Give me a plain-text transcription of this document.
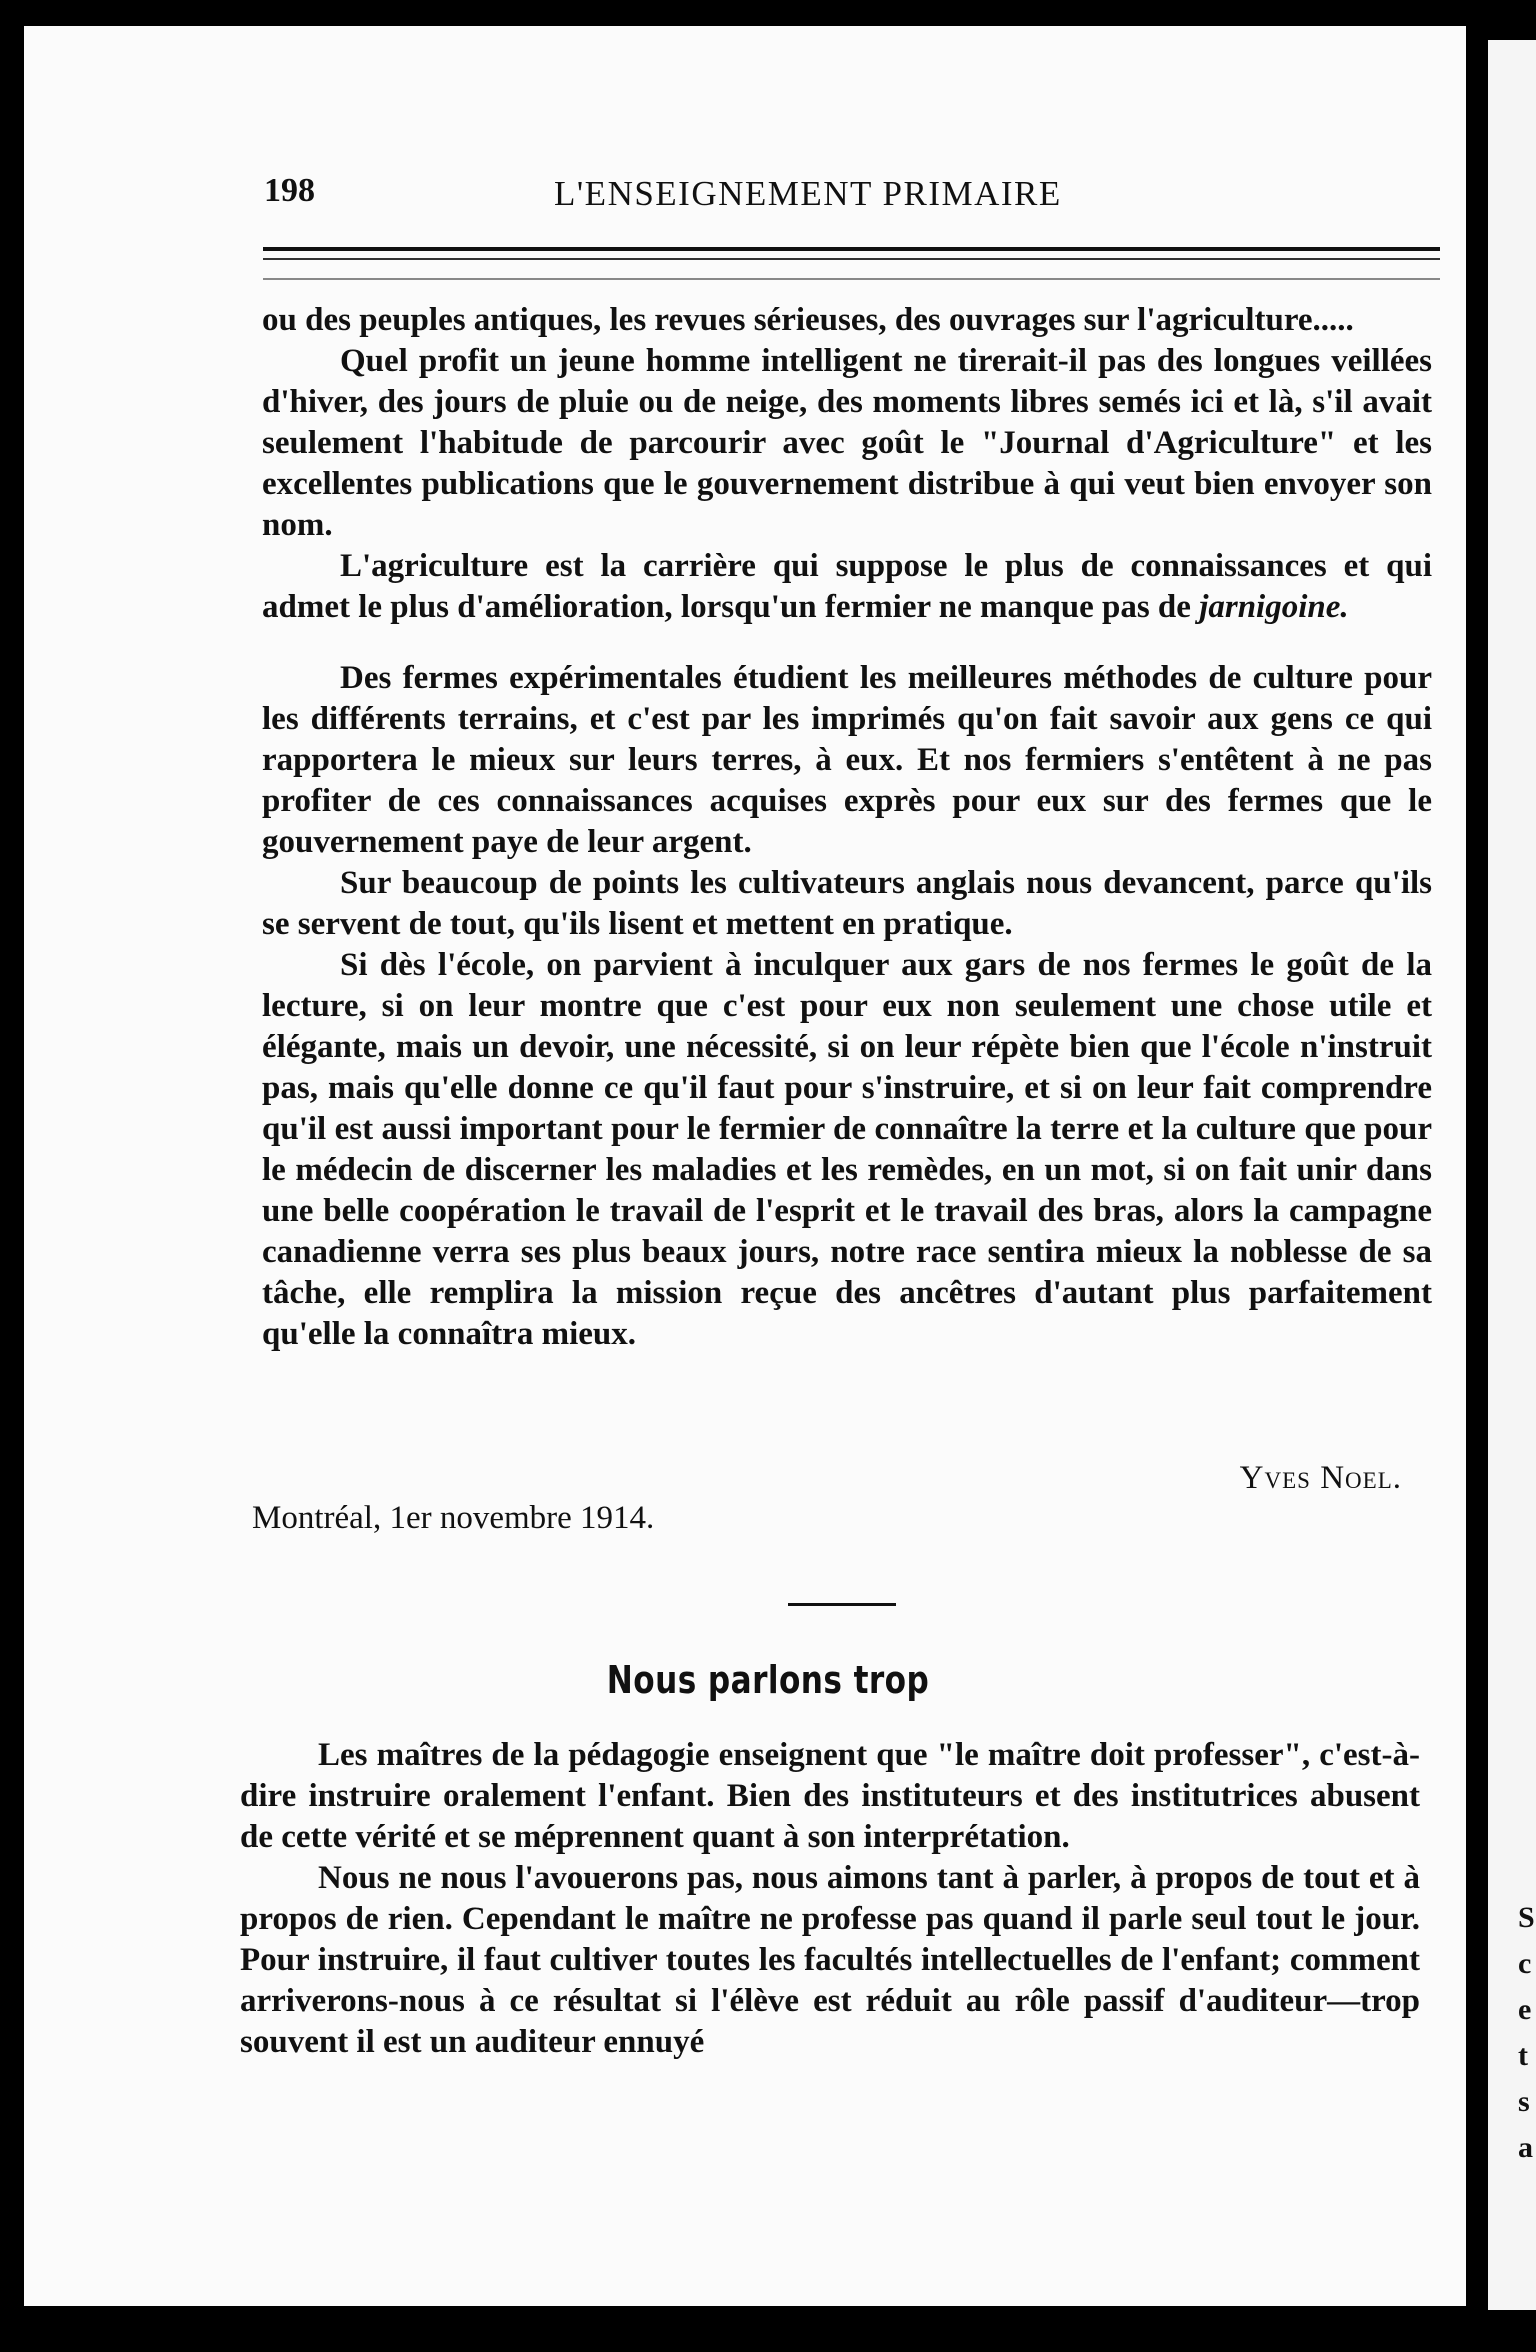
S
c
e
t
s
a
198	L'ENSEIGNEMENT PRIMAIRE

ou des peuples antiques, les revues sérieuses, des ouvrages sur l'agriculture.....

Quel profit un jeune homme intelligent ne tirerait-il pas des longues veillées d'hiver, des jours de pluie ou de neige, des moments libres semés ici et là, s'il avait seulement l'habitude de parcourir avec goût le "Journal d'Agriculture" et les excellentes publications que le gouvernement distribue à qui veut bien envoyer son nom.

L'agriculture est la carrière qui suppose le plus de connaissances et qui admet le plus d'amélioration, lorsqu'un fermier ne manque pas de jarnigoine.

Des fermes expérimentales étudient les meilleures méthodes de culture pour les différents terrains, et c'est par les imprimés qu'on fait savoir aux gens ce qui rapportera le mieux sur leurs terres, à eux. Et nos fermiers s'entêtent à ne pas profiter de ces connaissances acquises exprès pour eux sur des fermes que le gouvernement paye de leur argent.

Sur beaucoup de points les cultivateurs anglais nous devancent, parce qu'ils se servent de tout, qu'ils lisent et mettent en pratique.

Si dès l'école, on parvient à inculquer aux gars de nos fermes le goût de la lecture, si on leur montre que c'est pour eux non seulement une chose utile et élégante, mais un devoir, une nécessité, si on leur répète bien que l'école n'instruit pas, mais qu'elle donne ce qu'il faut pour s'instruire, et si on leur fait comprendre qu'il est aussi important pour le fermier de connaître la terre et la culture que pour le médecin de discerner les maladies et les remèdes, en un mot, si on fait unir dans une belle coopération le travail de l'esprit et le travail des bras, alors la campagne canadienne verra ses plus beaux jours, notre race sentira mieux la noblesse de sa tâche, elle remplira la mission reçue des ancêtres d'autant plus parfaitement qu'elle la connaîtra mieux.

Yves Noel.
Montréal, 1er novembre 1914.
Nous parlons trop

Les maîtres de la pédagogie enseignent que "le maître doit professer", c'est-à-dire instruire oralement l'enfant. Bien des instituteurs et des institutrices abusent de cette vérité et se méprennent quant à son interprétation.

Nous ne nous l'avouerons pas, nous aimons tant à parler, à propos de tout et à propos de rien. Cependant le maître ne professe pas quand il parle seul tout le jour. Pour instruire, il faut cultiver toutes les facultés intellectuelles de l'enfant; comment arriverons-nous à ce résultat si l'élève est réduit au rôle passif d'auditeur—trop souvent il est un auditeur ennuyé
